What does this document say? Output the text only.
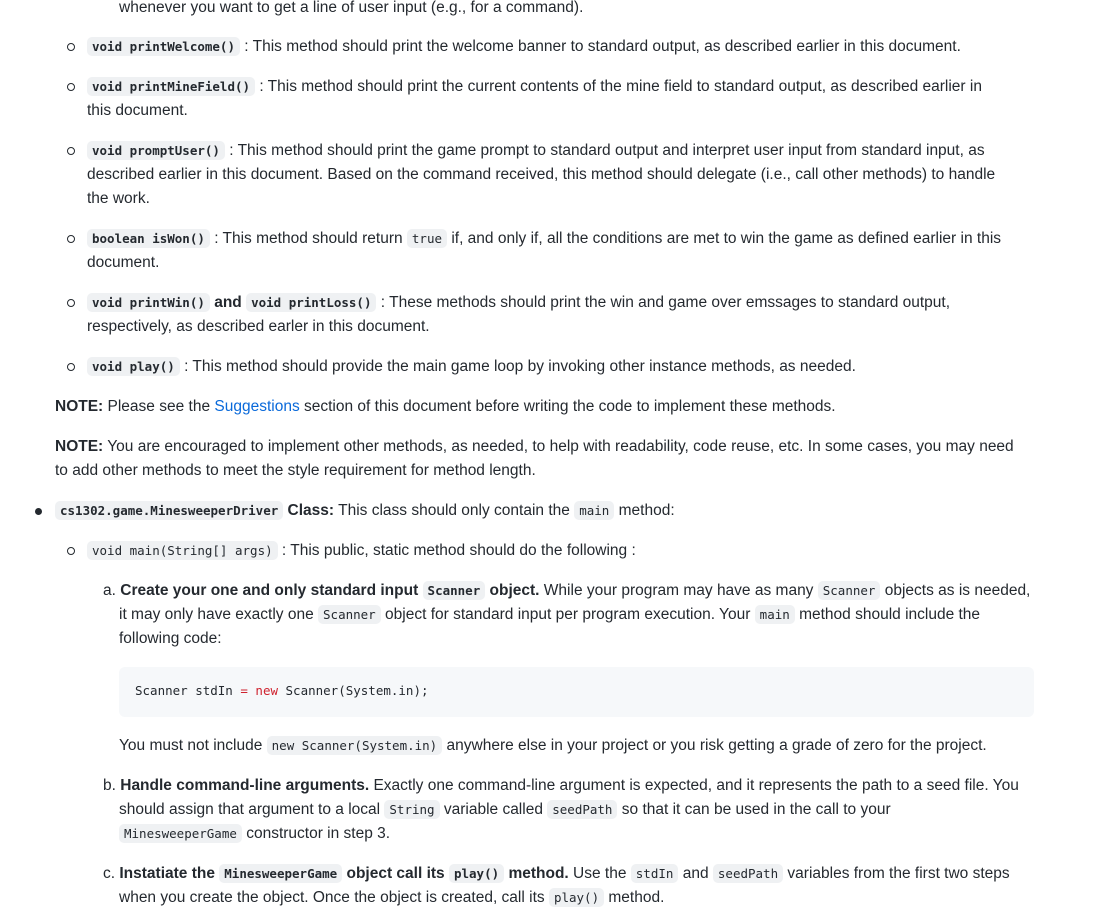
whenever you want to get a line of user input (e.g., for a command).
void printWelcome() : This method should print the welcome banner to standard output, as described earlier in this document.
void printMineField() : This method should print the current contents of the mine field to standard output, as described earlier in
this document.
void promptUser() : This method should print the game prompt to standard output and interpret user input from standard input, as
described earlier in this document. Based on the command received, this method should delegate (i.e., call other methods) to handle
the work.
boolean isWon() : This method should return true if, and only if, all the conditions are met to win the game as defined earlier in this
document.
void printWin() and void printLoss() : These methods should print the win and game over emssages to standard output,
respectively, as described earler in this document.
void play() : This method should provide the main game loop by invoking other instance methods, as needed.
NOTE: Please see the Suggestions section of this document before writing the code to implement these methods.
NOTE: You are encouraged to implement other methods, as needed, to help with readability, code reuse, etc. In some cases, you may need
to add other methods to meet the style requirement for method length.
cs1302.game.MinesweeperDriver Class: This class should only contain the main method:
void main(String[] args) : This public, static method should do the following :
a. Create your one and only standard input Scanner object. While your program may have as many Scanner objects as is needed,
it may only have exactly one Scanner object for standard input per program execution. Your main method should include the
following code:
Scanner stdIn = new Scanner(System.in);
You must not include new Scanner(System.in) anywhere else in your project or you risk getting a grade of zero for the project.
b. Handle command-line arguments. Exactly one command-line argument is expected, and it represents the path to a seed file. You
should assign that argument to a local String variable called seedPath so that it can be used in the call to your
MinesweeperGame constructor in step 3.
c. Instatiate the MinesweeperGame object call its play() method. Use the stdIn and seedPath variables from the first two steps
when you create the object. Once the object is created, call its play() method.
